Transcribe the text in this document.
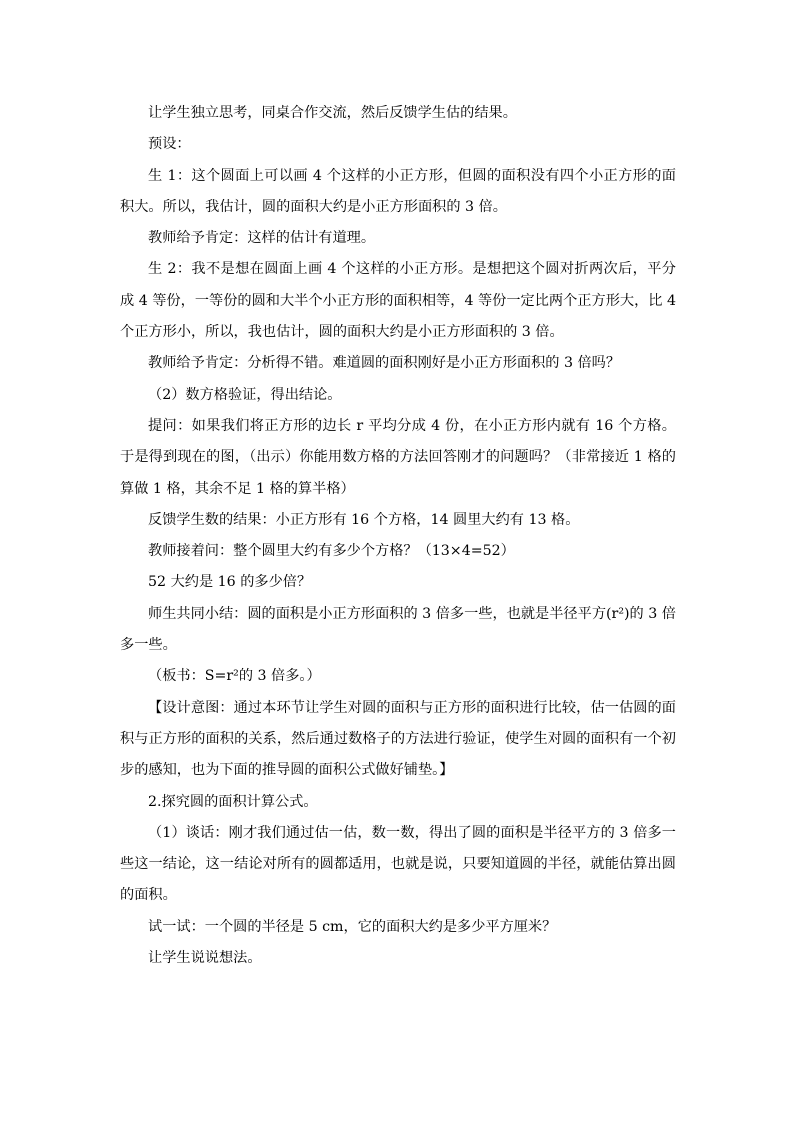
让学生独立思考，同桌合作交流，然后反馈学生估的结果。

预设：

生 1：这个圆面上可以画 4 个这样的小正方形，但圆的面积没有四个小正方形的面积大。所以，我估计，圆的面积大约是小正方形面积的 3 倍。

教师给予肯定：这样的估计有道理。

生 2：我不是想在圆面上画 4 个这样的小正方形。是想把这个圆对折两次后，平分成 4 等份，一等份的圆和大半个小正方形的面积相等，4 等份一定比两个正方形大，比 4 个正方形小，所以，我也估计，圆的面积大约是小正方形面积的 3 倍。

教师给予肯定：分析得不错。难道圆的面积刚好是小正方形面积的 3 倍吗？

（2）数方格验证，得出结论。

提问：如果我们将正方形的边长 r 平均分成 4 份，在小正方形内就有 16 个方格。于是得到现在的图，（出示）你能用数方格的方法回答刚才的问题吗？（非常接近 1 格的算做 1 格，其余不足 1 格的算半格）

反馈学生数的结果：小正方形有 16 个方格，14 圆里大约有 13 格。

教师接着问：整个圆里大约有多少个方格？（13×4=52）

52 大约是 16 的多少倍？

师生共同小结：圆的面积是小正方形面积的 3 倍多一些，也就是半径平方(r²)的 3 倍多一些。

（板书：S=r²的 3 倍多。）

【设计意图：通过本环节让学生对圆的面积与正方形的面积进行比较，估一估圆的面积与正方形的面积的关系，然后通过数格子的方法进行验证，使学生对圆的面积有一个初步的感知，也为下面的推导圆的面积公式做好铺垫。】

2.探究圆的面积计算公式。

（1）谈话：刚才我们通过估一估，数一数，得出了圆的面积是半径平方的 3 倍多一些这一结论，这一结论对所有的圆都适用，也就是说，只要知道圆的半径，就能估算出圆的面积。

试一试：一个圆的半径是 5 cm，它的面积大约是多少平方厘米？

让学生说说想法。
